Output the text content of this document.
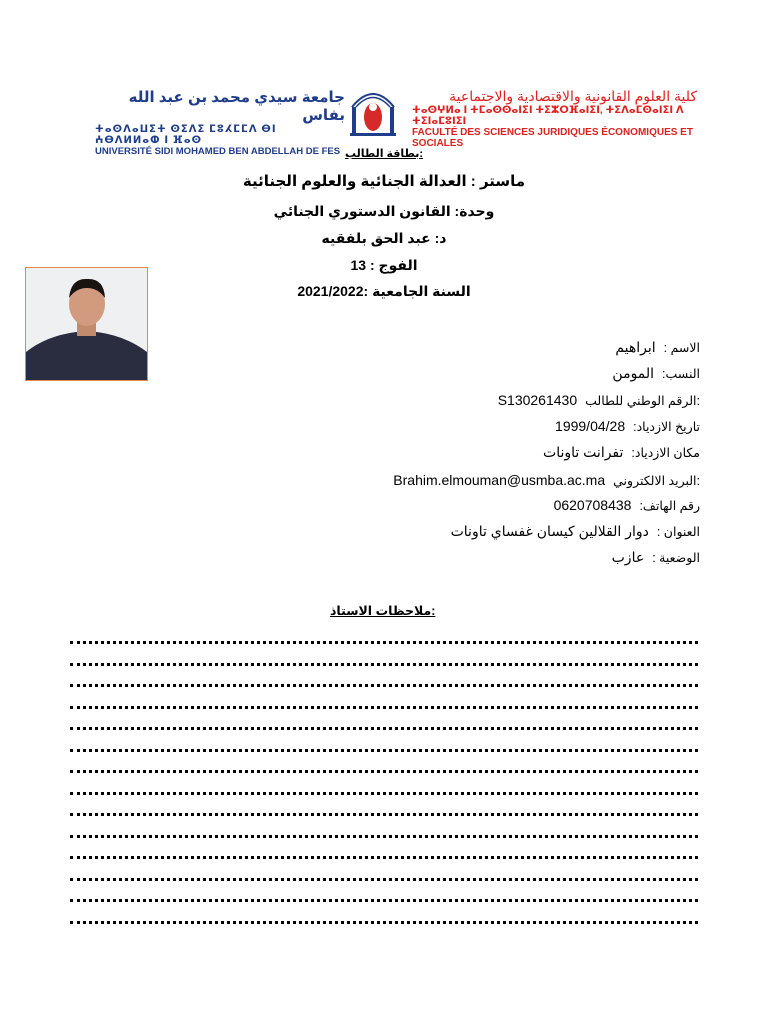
جامعة سيدي محمد بن عبد الله بفاس
ⵜⴰⵙⴷⴰⵡⵉⵜ ⵙⵉⴷⵉ ⵎⵓⵃⵎⵎⴷ ⴱⵏ ⵄⴱⴷⵍⵍⴰⵀ ⵏ ⴼⴰⵙ
UNIVERSITÉ SIDI MOHAMED BEN ABDELLAH DE FES
كلية العلوم القانونية والاقتصادية والاجتماعية
ⵜⴰⵙⵖⵍⴰ ⵏ ⵜⵎⴰⵙⵙⴰⵏⵉⵏ ⵜⵉⵣⵔⴼⴰⵏⵉⵏ, ⵜⵉⴷⴰⵎⵙⴰⵏⵉⵏ ⴷ ⵜⵉⵏⴰⵎⵓⵏⵉⵏ
FACULTÉ DES SCIENCES JURIDIQUES ÉCONOMIQUES ET SOCIALES
:بطاقة الطالب
ماستر : العدالة الجنائية والعلوم الجنائية
وحدة: القانون الدستوري الجنائي
د: عبد الحق بلفقيه
الفوج : 13
السنة الجامعية :2021/2022
الاسم :ابراهيم
النسب:المومن
:الرقم الوطني للطالبS130261430
تاريخ الازدياد:1999/04/28
مكان الازدياد:تفرانت تاونات
:البريد الالكترونيBrahim.elmouman@usmba.ac.ma
رقم الهاتف:0620708438
العنوان :دوار القلالين كيسان غفساي تاونات
الوضعية :عازب
:ملاحظات الاستاذ
